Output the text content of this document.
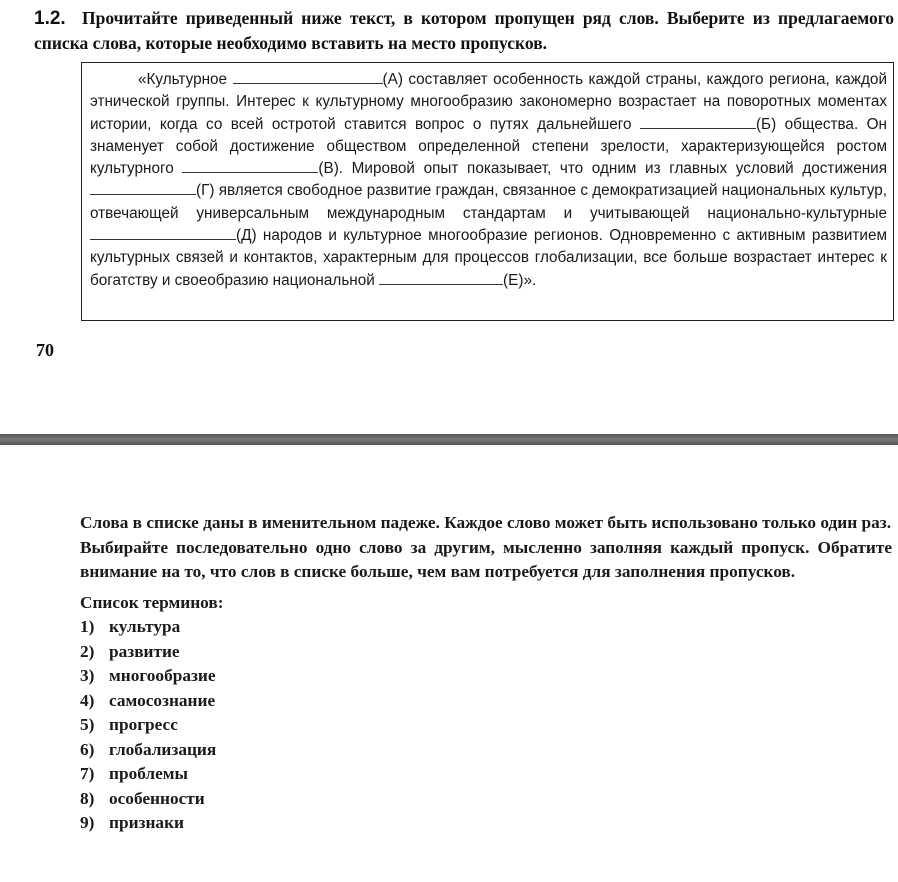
1.2. Прочитайте приведенный ниже текст, в котором пропущен ряд слов. Выберите из предлагаемого списка слова, которые необходимо вставить на место пропусков.

«Культурное	(А) составляет особенность каждой страны, каждого региона, каждой этнической группы. Интерес к культурному многообразию закономерно возрастает на поворотных моментах истории, когда со всей остротой ставится вопрос о путях дальнейшего	(Б) общества. Он знаменует собой достижение обществом определенной степени зрелости, характеризующейся ростом культурного	(В). Мировой опыт показывает, что одним из главных условий достижения (Г) является свободное развитие граждан, связанное с демократизацией национальных культур, отвечающей универсальным международным стандартам и учитывающей национально-культурные (Д) народов и культурное многообразие регионов. Одновременно с активным развитием культурных связей и контактов, характерным для процессов глобализации, все больше возрастает интерес к богатству и своеобразию национальной	(Е)».

70

Слова в списке даны в именительном падеже. Каждое слово может быть использовано только один раз.

Выбирайте последовательно одно слово за другим, мысленно заполняя каждый пропуск. Обратите внимание на то, что слов в списке больше, чем вам потребуется для заполнения пропусков.

Список терминов:

1) культура
2) развитие
3) многообразие
4) самосознание
5) прогресс
6) глобализация
7) проблемы
8) особенности
9) признаки
